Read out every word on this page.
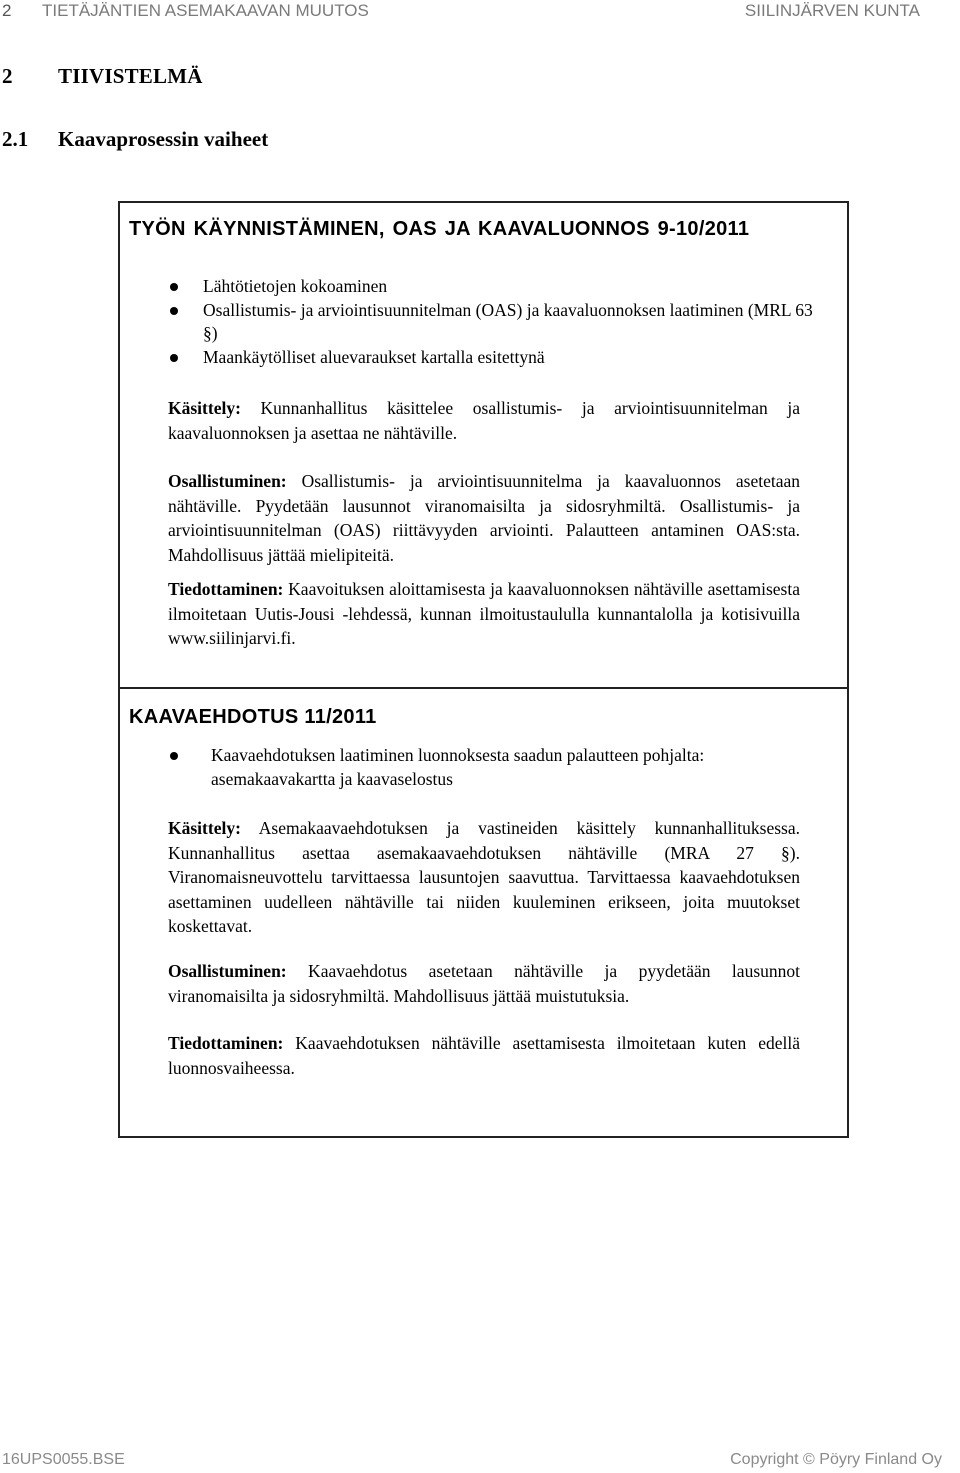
2 TIETÄJÄNTIEN ASEMAKAAVAN MUUTOS	SIILINJÄRVEN KUNTA
2 TIIVISTELMÄ
2.1 Kaavaprosessin vaiheet
TYÖN KÄYNNISTÄMINEN, OAS JA KAAVALUONNOS 9-10/2011
Lähtötietojen kokoaminen
Osallistumis- ja arviointisuunnitelman (OAS) ja kaavaluonnoksen laatiminen (MRL 63 §)
Maankäytölliset aluevaraukset kartalla esitettynä
Käsittely: Kunnanhallitus käsittelee osallistumis- ja arviointisuunnitelman ja kaavaluonnoksen ja asettaa ne nähtäville.
Osallistuminen: Osallistumis- ja arviointisuunnitelma ja kaavaluonnos asetetaan nähtäville. Pyydetään lausunnot viranomaisilta ja sidosryhmiltä. Osallistumis- ja arviointisuunnitelman (OAS) riittävyyden arviointi. Palautteen antaminen OAS:sta. Mahdollisuus jättää mielipiteitä.
Tiedottaminen: Kaavoituksen aloittamisesta ja kaavaluonnoksen nähtäville asettamisesta ilmoitetaan Uutis-Jousi -lehdessä, kunnan ilmoitustaululla kunnantalolla ja kotisivuilla www.siilinjarvi.fi.
KAAVAEHDOTUS 11/2011
Kaavaehdotuksen laatiminen luonnoksesta saadun palautteen pohjalta: asemakaavakartta ja kaavaselostus
Käsittely: Asemakaavaehdotuksen ja vastineiden käsittely kunnanhallituksessa. Kunnanhallitus asettaa asemakaavaehdotuksen nähtäville (MRA 27 §). Viranomaisneuvottelu tarvittaessa lausuntojen saavuttua. Tarvittaessa kaavaehdotuksen asettaminen uudelleen nähtäville tai niiden kuuleminen erikseen, joita muutokset koskettavat.
Osallistuminen: Kaavaehdotus asetetaan nähtäville ja pyydetään lausunnot viranomaisilta ja sidosryhmiltä. Mahdollisuus jättää muistutuksia.
Tiedottaminen: Kaavaehdotuksen nähtäville asettamisesta ilmoitetaan kuten edellä luonnosvaiheessa.
16UPS0055.BSE	Copyright © Pöyry Finland Oy
